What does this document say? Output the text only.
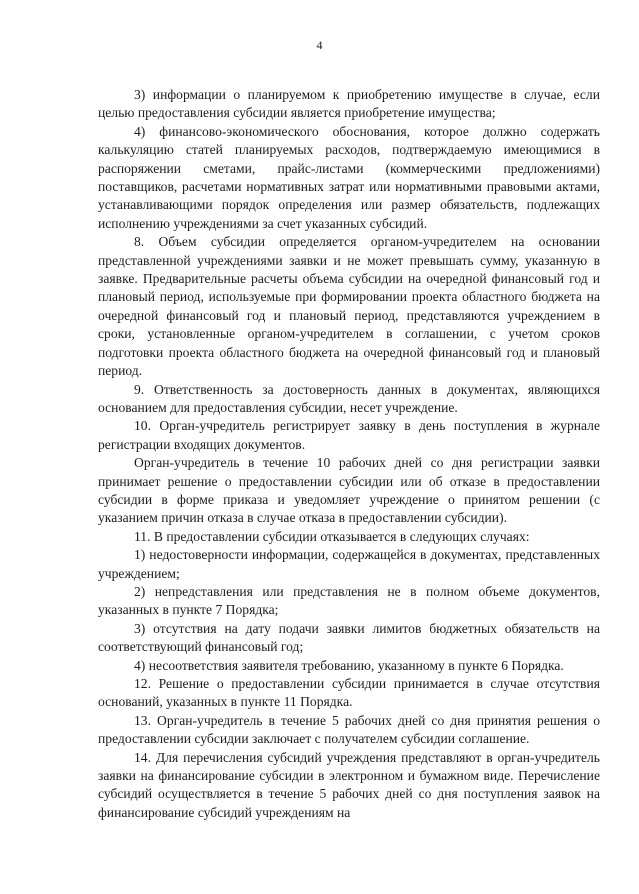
4

3) информации о планируемом к приобретению имуществе в случае, если целью предоставления субсидии является приобретение имущества;

4) финансово-экономического обоснования, которое должно содержать калькуляцию статей планируемых расходов, подтверждаемую имеющимися в распоряжении сметами, прайс-листами (коммерческими предложениями) поставщиков, расчетами нормативных затрат или нормативными правовыми актами, устанавливающими порядок определения или размер обязательств, подлежащих исполнению учреждениями за счет указанных субсидий.

8. Объем субсидии определяется органом-учредителем на основании представленной учреждениями заявки и не может превышать сумму, указанную в заявке. Предварительные расчеты объема субсидии на очередной финансовый год и плановый период, используемые при формировании проекта областного бюджета на очередной финансовый год и плановый период, представляются учреждением в сроки, установленные органом-учредителем в соглашении, с учетом сроков подготовки проекта областного бюджета на очередной финансовый год и плановый период.

9. Ответственность за достоверность данных в документах, являющихся основанием для предоставления субсидии, несет учреждение.

10. Орган-учредитель регистрирует заявку в день поступления в журнале регистрации входящих документов.

Орган-учредитель в течение 10 рабочих дней со дня регистрации заявки принимает решение о предоставлении субсидии или об отказе в предоставлении субсидии в форме приказа и уведомляет учреждение о принятом решении (с указанием причин отказа в случае отказа в предоставлении субсидии).

11. В предоставлении субсидии отказывается в следующих случаях:

1) недостоверности информации, содержащейся в документах, представленных учреждением;

2) непредставления или представления не в полном объеме документов, указанных в пункте 7 Порядка;

3) отсутствия на дату подачи заявки лимитов бюджетных обязательств на соответствующий финансовый год;

4) несоответствия заявителя требованию, указанному в пункте 6 Порядка.

12. Решение о предоставлении субсидии принимается в случае отсутствия оснований, указанных в пункте 11 Порядка.

13. Орган-учредитель в течение 5 рабочих дней со дня принятия решения о предоставлении субсидии заключает с получателем субсидии соглашение.

14. Для перечисления субсидий учреждения представляют в орган-учредитель заявки на финансирование субсидии в электронном и бумажном виде. Перечисление субсидий осуществляется в течение 5 рабочих дней со дня поступления заявок на финансирование субсидий учреждениям на
